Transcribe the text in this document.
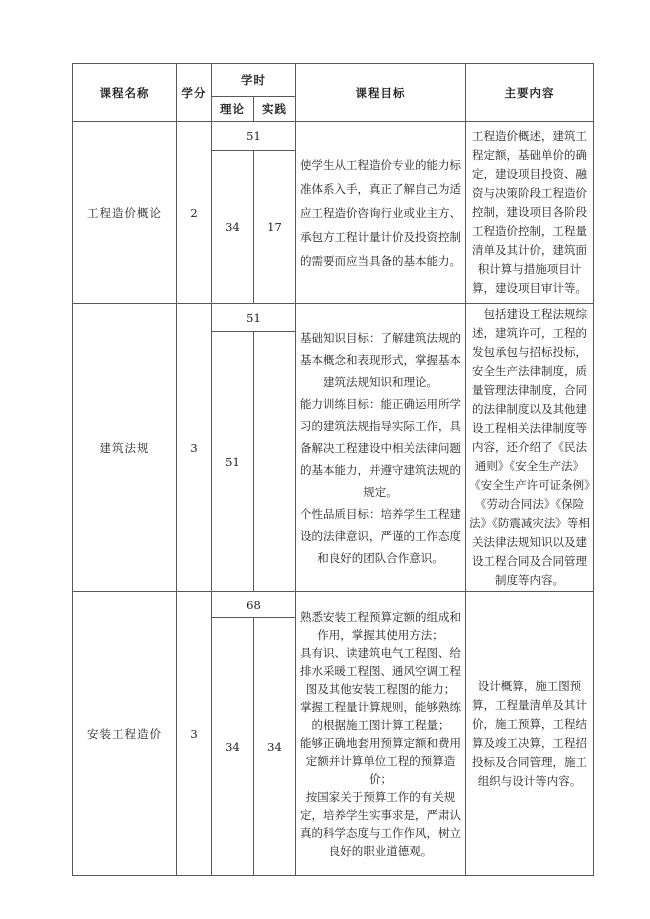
课程名称	学分	学时		课程目标	主要内容
		理论	实践		
工程造价概论	2	51		使学生从工程造价专业的能力标准体系入手，真正了解自己为适应工程造价咨询行业或业主方、承包方工程计量计价及投资控制的需要而应当具备的基本能力。	工程造价概述，建筑工程定额，基础单价的确定，建设项目投资、融资与决策阶段工程造价控制，建设项目各阶段工程造价控制，工程量清单及其计价，建筑面积计算与措施项目计算，建设项目审计等。
		34	17		
建筑法规	3	51		基础知识目标：了解建筑法规的基本概念和表现形式，掌握基本建筑法规知识和理论。
能力训练目标：能正确运用所学习的建筑法规指导实际工作，具备解决工程建设中相关法律问题的基本能力，并遵守建筑法规的规定。
个性品质目标：培养学生工程建设的法律意识，严谨的工作态度和良好的团队合作意识。	　包括建设工程法规综述，建筑许可，工程的发包承包与招标投标，安全生产法律制度，质量管理法律制度，合同的法律制度以及其他建设工程相关法律制度等内容，还介绍了《民法通则》《安全生产法》《安全生产许可证条例》《劳动合同法》《保险法》《防震减灾法》等相关法律法规知识以及建设工程合同及合同管理制度等内容。
		51			
安装工程造价	3	68		熟悉安装工程预算定额的组成和作用，掌握其使用方法；
具有识、读建筑电气工程图、给排水采暖工程图、通风空调工程图及其他安装工程图的能力；
掌握工程量计算规则，能够熟练的根据施工图计算工程量；
能够正确地套用预算定额和费用定额并计算单位工程的预算造价；
按国家关于预算工作的有关规定，培养学生实事求是，严肃认真的科学态度与工作作风，树立良好的职业道德观。	设计概算，施工图预算，工程量清单及其计价，施工预算，工程结算及竣工决算，工程招投标及合同管理，施工组织与设计等内容。
		34	34		
